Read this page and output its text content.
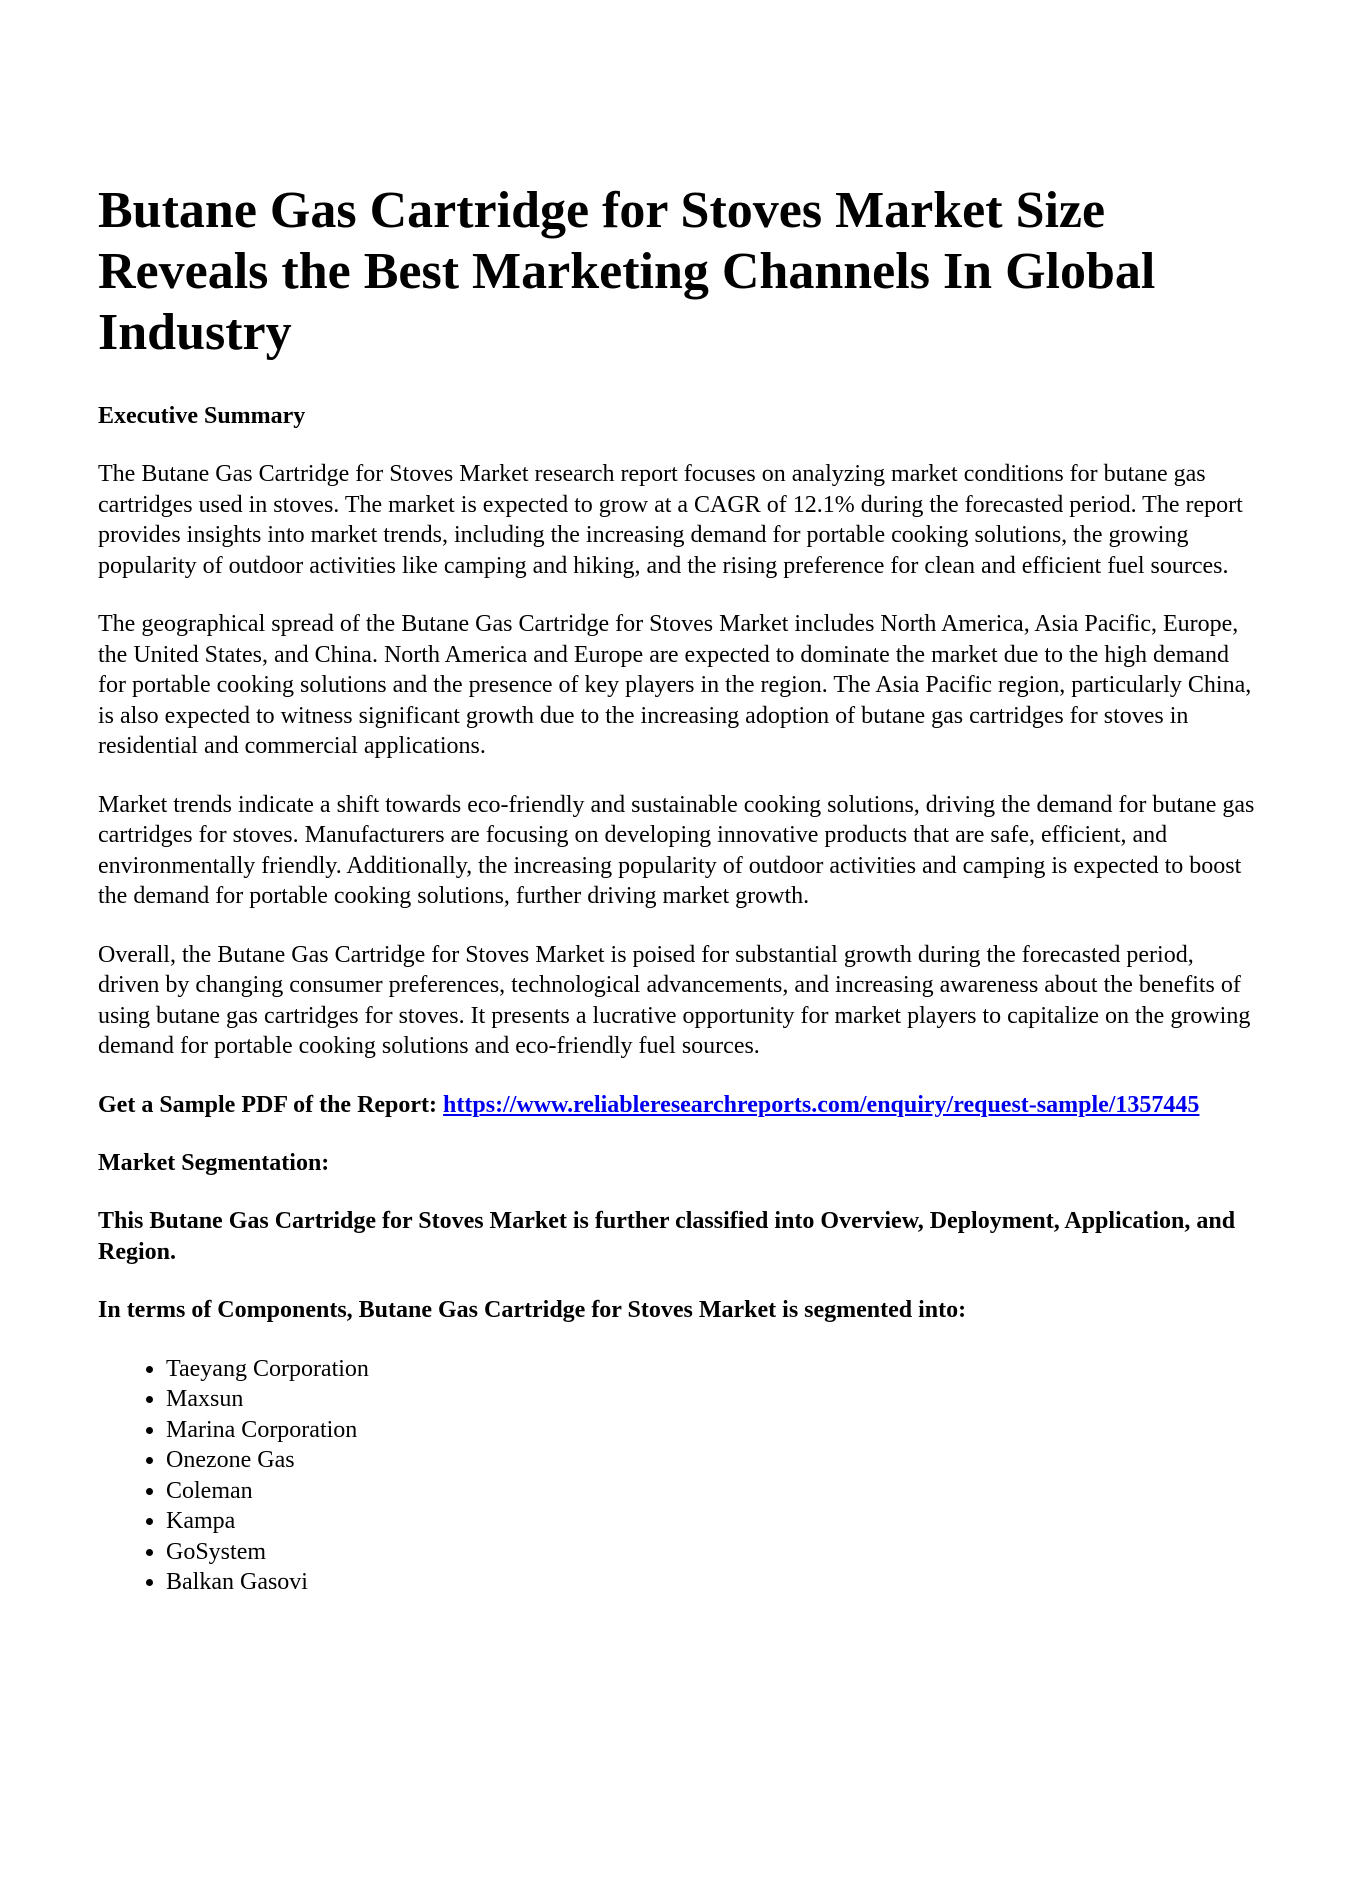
Butane Gas Cartridge for Stoves Market Size Reveals the Best Marketing Channels In Global Industry
Executive Summary

The Butane Gas Cartridge for Stoves Market research report focuses on analyzing market conditions for butane gas cartridges used in stoves. The market is expected to grow at a CAGR of 12.1% during the forecasted period. The report provides insights into market trends, including the increasing demand for portable cooking solutions, the growing popularity of outdoor activities like camping and hiking, and the rising preference for clean and efficient fuel sources.

The geographical spread of the Butane Gas Cartridge for Stoves Market includes North America, Asia Pacific, Europe, the United States, and China. North America and Europe are expected to dominate the market due to the high demand for portable cooking solutions and the presence of key players in the region. The Asia Pacific region, particularly China, is also expected to witness significant growth due to the increasing adoption of butane gas cartridges for stoves in residential and commercial applications.

Market trends indicate a shift towards eco-friendly and sustainable cooking solutions, driving the demand for butane gas cartridges for stoves. Manufacturers are focusing on developing innovative products that are safe, efficient, and environmentally friendly. Additionally, the increasing popularity of outdoor activities and camping is expected to boost the demand for portable cooking solutions, further driving market growth.

Overall, the Butane Gas Cartridge for Stoves Market is poised for substantial growth during the forecasted period, driven by changing consumer preferences, technological advancements, and increasing awareness about the benefits of using butane gas cartridges for stoves. It presents a lucrative opportunity for market players to capitalize on the growing demand for portable cooking solutions and eco-friendly fuel sources.

Get a Sample PDF of the Report: https://www.reliableresearchreports.com/enquiry/request-sample/1357445

Market Segmentation:

This Butane Gas Cartridge for Stoves Market is further classified into Overview, Deployment, Application, and Region.

In terms of Components, Butane Gas Cartridge for Stoves Market is segmented into:

• Taeyang Corporation
• Maxsun
• Marina Corporation
• Onezone Gas
• Coleman
• Kampa
• GoSystem
• Balkan Gasovi
